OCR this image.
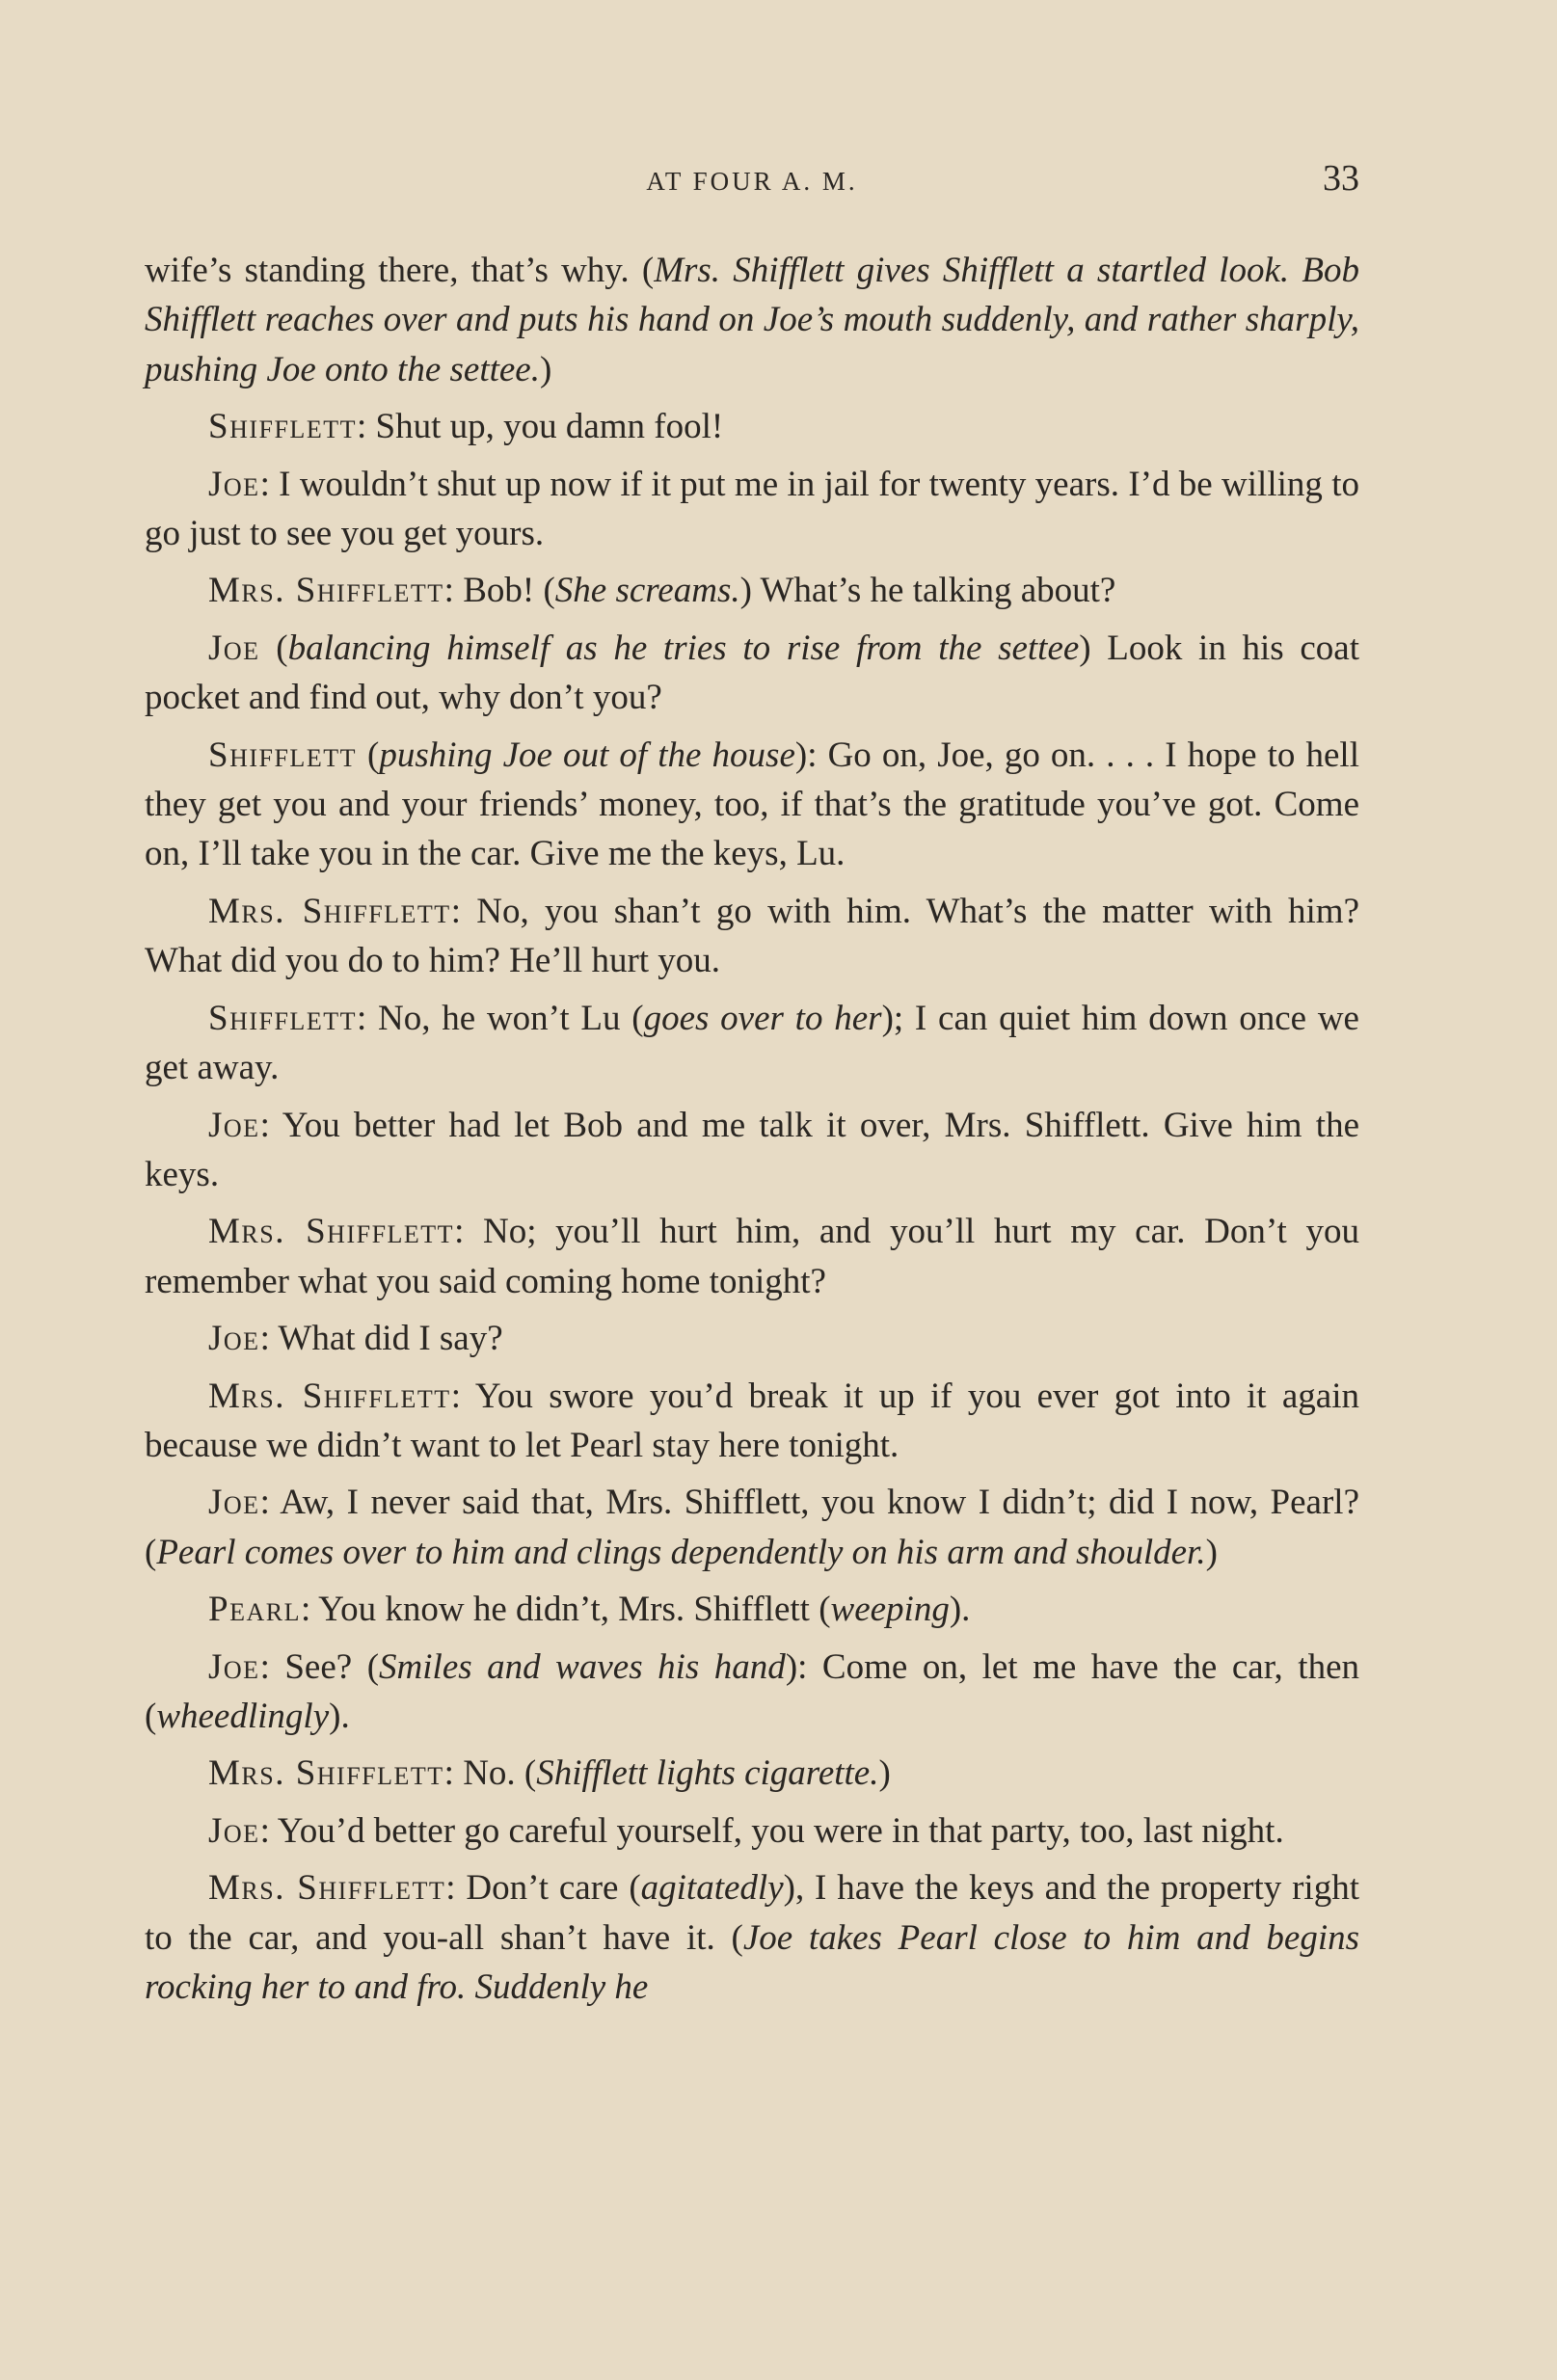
AT FOUR A. M.	33

wife’s standing there, that’s why. (Mrs. Shifflett gives Shifflett a startled look. Bob Shifflett reaches over and puts his hand on Joe’s mouth suddenly, and rather sharply, pushing Joe onto the settee.)

Shifflett: Shut up, you damn fool!

Joe: I wouldn’t shut up now if it put me in jail for twenty years. I’d be willing to go just to see you get yours.

Mrs. Shifflett: Bob! (She screams.) What’s he talking about?

Joe (balancing himself as he tries to rise from the settee) Look in his coat pocket and find out, why don’t you?

Shifflett (pushing Joe out of the house): Go on, Joe, go on. . . . I hope to hell they get you and your friends’ money, too, if that’s the gratitude you’ve got. Come on, I’ll take you in the car. Give me the keys, Lu.

Mrs. Shifflett: No, you shan’t go with him. What’s the matter with him? What did you do to him? He’ll hurt you.

Shifflett: No, he won’t Lu (goes over to her); I can quiet him down once we get away.

Joe: You better had let Bob and me talk it over, Mrs. Shifflett. Give him the keys.

Mrs. Shifflett: No; you’ll hurt him, and you’ll hurt my car. Don’t you remember what you said coming home tonight?

Joe: What did I say?

Mrs. Shifflett: You swore you’d break it up if you ever got into it again because we didn’t want to let Pearl stay here tonight.

Joe: Aw, I never said that, Mrs. Shifflett, you know I didn’t; did I now, Pearl? (Pearl comes over to him and clings dependently on his arm and shoulder.)

Pearl: You know he didn’t, Mrs. Shifflett (weeping).

Joe: See? (Smiles and waves his hand): Come on, let me have the car, then (wheedlingly).

Mrs. Shifflett: No. (Shifflett lights cigarette.)

Joe: You’d better go careful yourself, you were in that party, too, last night.

Mrs. Shifflett: Don’t care (agitatedly), I have the keys and the property right to the car, and you-all shan’t have it. (Joe takes Pearl close to him and begins rocking her to and fro. Suddenly he
